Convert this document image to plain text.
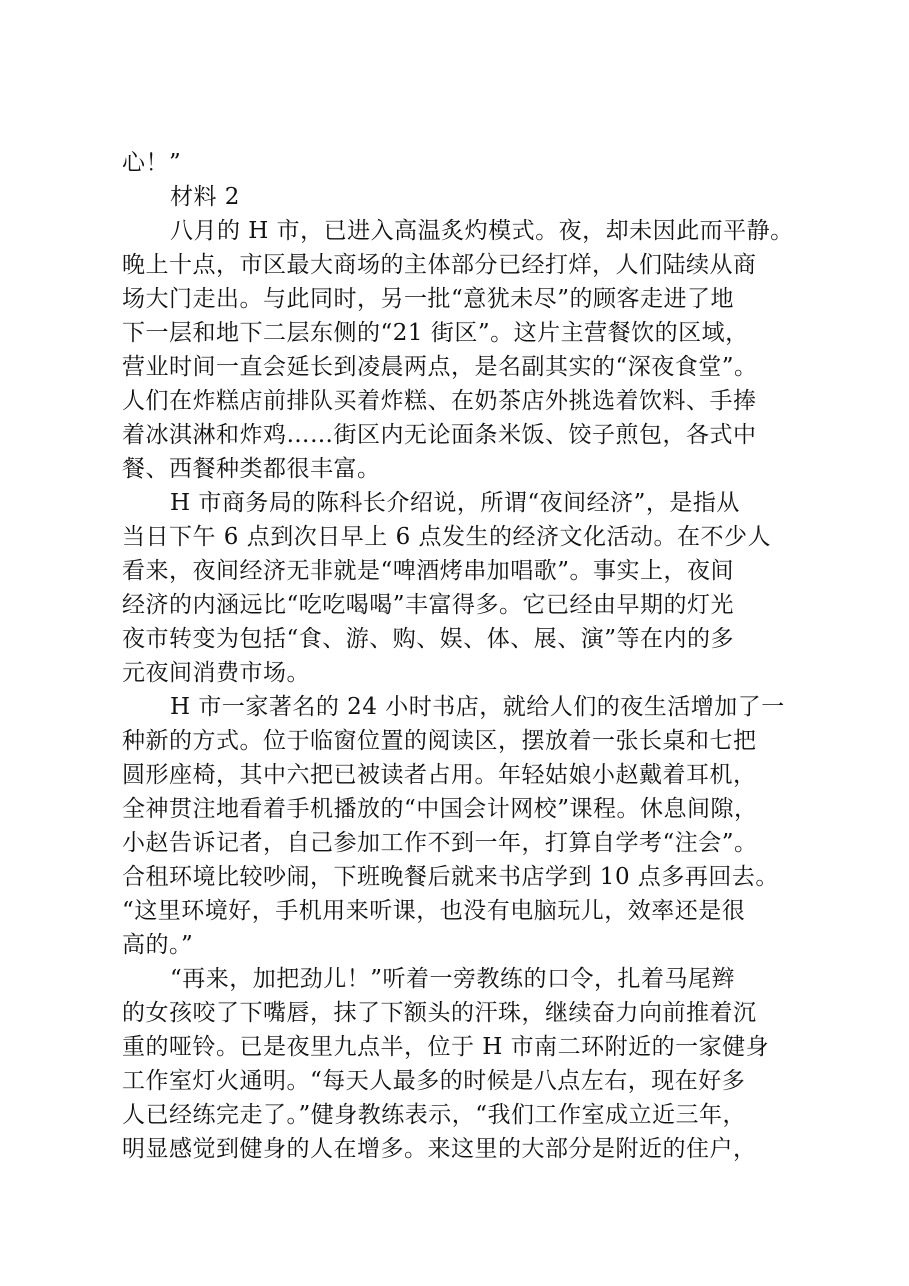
心！”
材料 2
八月的 H 市，已进入高温炙灼模式。夜，却未因此而平静。
晚上十点，市区最大商场的主体部分已经打烊，人们陆续从商
场大门走出。与此同时，另一批“意犹未尽”的顾客走进了地
下一层和地下二层东侧的“21 街区”。这片主营餐饮的区域，
营业时间一直会延长到凌晨两点，是名副其实的“深夜食堂”。
人们在炸糕店前排队买着炸糕、在奶茶店外挑选着饮料、手捧
着冰淇淋和炸鸡……街区内无论面条米饭、饺子煎包，各式中
餐、西餐种类都很丰富。
H 市商务局的陈科长介绍说，所谓“夜间经济”，是指从
当日下午 6 点到次日早上 6 点发生的经济文化活动。在不少人
看来，夜间经济无非就是“啤酒烤串加唱歌”。事实上，夜间
经济的内涵远比“吃吃喝喝”丰富得多。它已经由早期的灯光
夜市转变为包括“食、游、购、娱、体、展、演”等在内的多
元夜间消费市场。
H 市一家著名的 24 小时书店，就给人们的夜生活增加了一
种新的方式。位于临窗位置的阅读区，摆放着一张长桌和七把
圆形座椅，其中六把已被读者占用。年轻姑娘小赵戴着耳机，
全神贯注地看着手机播放的“中国会计网校”课程。休息间隙，
小赵告诉记者，自己参加工作不到一年，打算自学考“注会”。
合租环境比较吵闹，下班晚餐后就来书店学到 10 点多再回去。
“这里环境好，手机用来听课，也没有电脑玩儿，效率还是很
高的。”
“再来，加把劲儿！”听着一旁教练的口令，扎着马尾辫
的女孩咬了下嘴唇，抹了下额头的汗珠，继续奋力向前推着沉
重的哑铃。已是夜里九点半，位于 H 市南二环附近的一家健身
工作室灯火通明。“每天人最多的时候是八点左右，现在好多
人已经练完走了。”健身教练表示，“我们工作室成立近三年，
明显感觉到健身的人在增多。来这里的大部分是附近的住户，
